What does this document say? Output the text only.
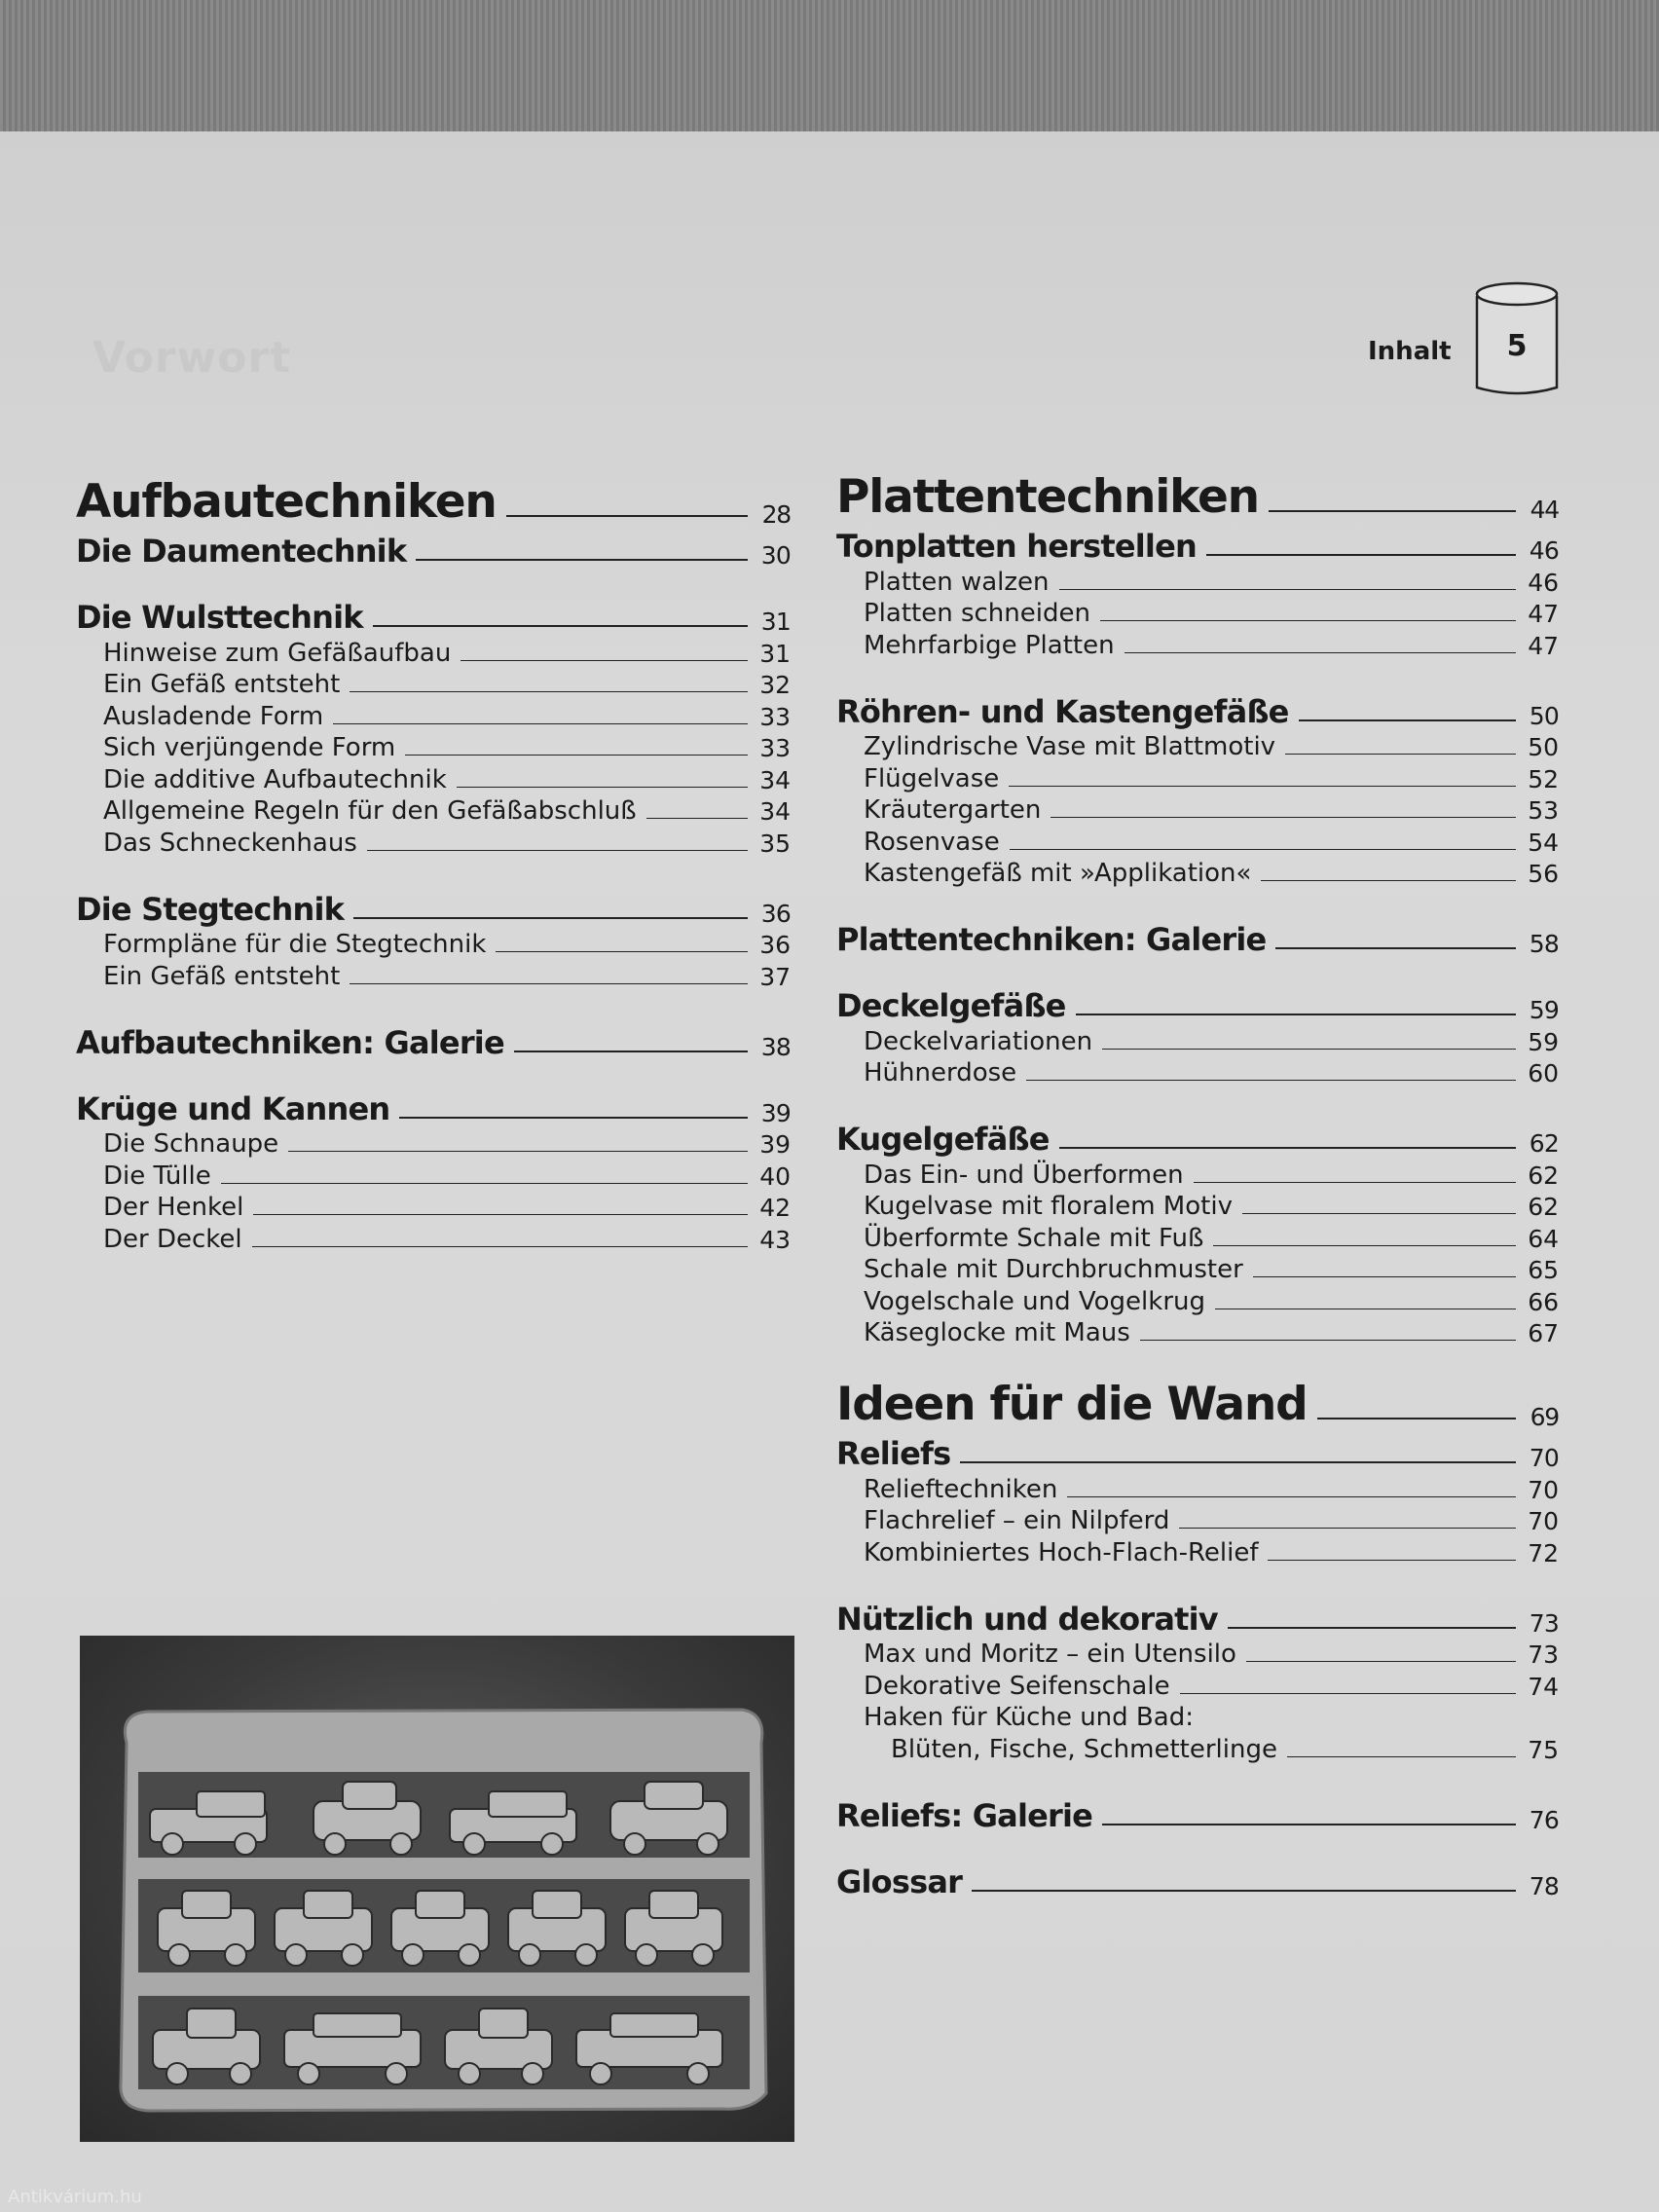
Vorwort	Inhalt	5
Aufbautechniken	28
Die Daumentechnik	30
Die Wulsttechnik	31
Hinweise zum Gefäßaufbau	31
Ein Gefäß entsteht	32
Ausladende Form	33
Sich verjüngende Form	33
Die additive Aufbautechnik	34
Allgemeine Regeln für den Gefäßabschluß	34
Das Schneckenhaus	35
Die Stegtechnik	36
Formpläne für die Stegtechnik	36
Ein Gefäß entsteht	37
Aufbautechniken: Galerie	38
Krüge und Kannen	39
Die Schnaupe	39
Die Tülle	40
Der Henkel	42
Der Deckel	43
Plattentechniken	44
Tonplatten herstellen	46
Platten walzen	46
Platten schneiden	47
Mehrfarbige Platten	47
Röhren- und Kastengefäße	50
Zylindrische Vase mit Blattmotiv	50
Flügelvase	52
Kräutergarten	53
Rosenvase	54
Kastengefäß mit »Applikation«	56
Plattentechniken: Galerie	58
Deckelgefäße	59
Deckelvariationen	59
Hühnerdose	60
Kugelgefäße	62
Das Ein- und Überformen	62
Kugelvase mit floralem Motiv	62
Überformte Schale mit Fuß	64
Schale mit Durchbruchmuster	65
Vogelschale und Vogelkrug	66
Käseglocke mit Maus	67
Ideen für die Wand	69
Reliefs	70
Relieftechniken	70
Flachrelief – ein Nilpferd	70
Kombiniertes Hoch-Flach-Relief	72
Nützlich und dekorativ	73
Max und Moritz – ein Utensilo	73
Dekorative Seifenschale	74
Haken für Küche und Bad:
Blüten, Fische, Schmetterlinge	75
Reliefs: Galerie	76
Glossar	78
Antikvárium.hu
